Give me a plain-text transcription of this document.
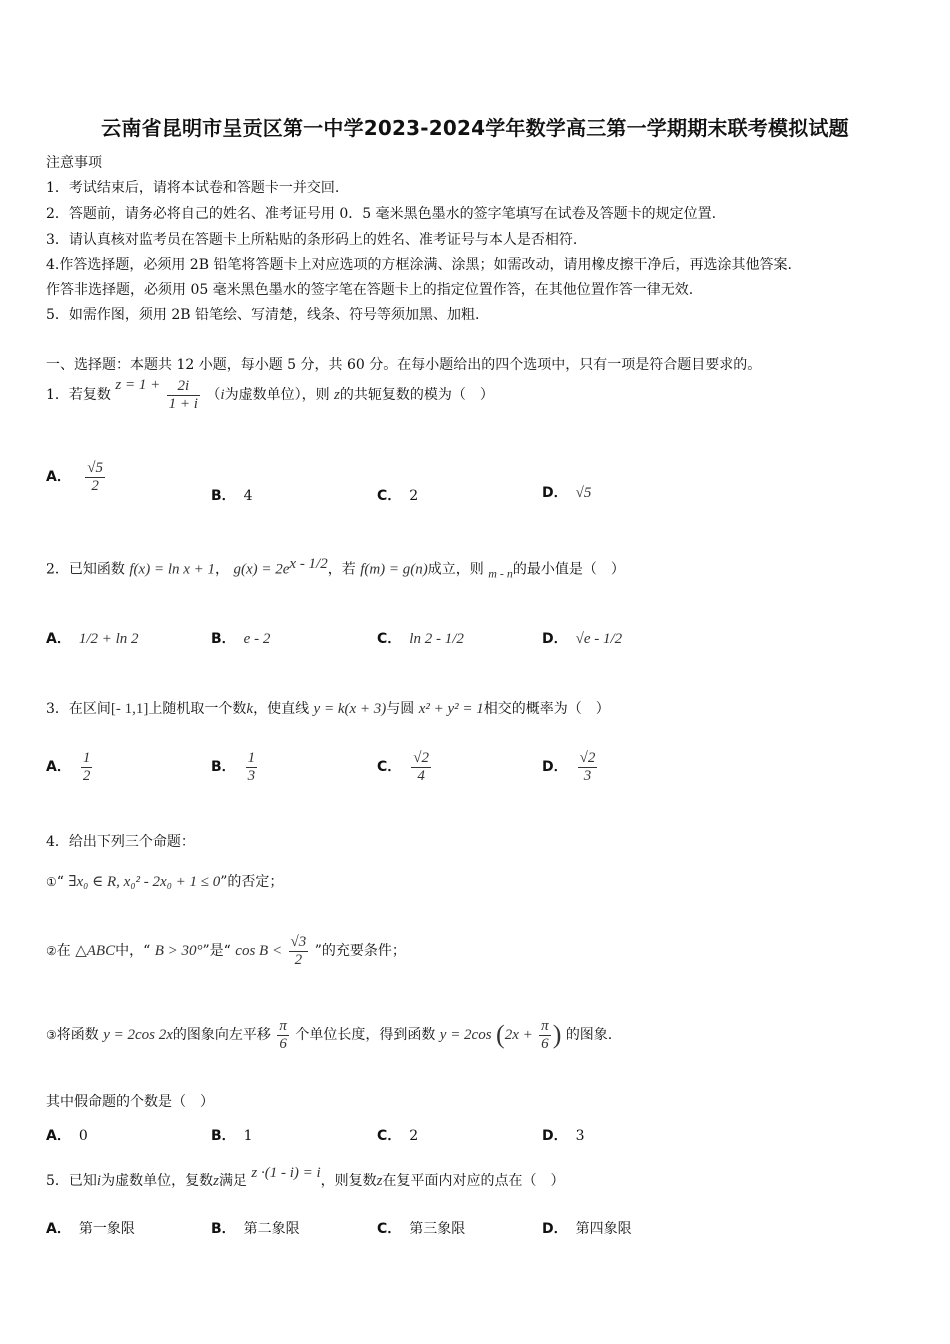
云南省昆明市呈贡区第一中学2023-2024学年数学高三第一学期期末联考模拟试题
注意事项
1．考试结束后，请将本试卷和答题卡一并交回.
2．答题前，请务必将自己的姓名、准考证号用 0．5 毫米黑色墨水的签字笔填写在试卷及答题卡的规定位置.
3．请认真核对监考员在答题卡上所粘贴的条形码上的姓名、准考证号与本人是否相符.
4.作答选择题，必须用 2B 铅笔将答题卡上对应选项的方框涂满、涂黑；如需改动，请用橡皮擦干净后，再选涂其他答案.
作答非选择题，必须用 05 毫米黑色墨水的签字笔在答题卡上的指定位置作答，在其他位置作答一律无效.
5．如需作图，须用 2B 铅笔绘、写清楚，线条、符号等须加黑、加粗.
一、选择题：本题共 12 小题，每小题 5 分，共 60 分。在每小题给出的四个选项中，只有一项是符合题目要求的。
1．若复数 $z = 1 + \frac{2i}{1 + i} (i$为虚数单位），则 z的共轭复数的模为（　）
A． $\frac{√5}{2}$
B． 4	C． 2	D． √5
2．已知函数 f(x) = ln x + 1， $g(x) = 2e^{x - 1/2}$，若 f(m) = g(n)成立，则 $_{m - n}$的最小值是（　）
A． 1/2 + ln 2	B． e - 2	C． ln 2 - 1/2	D． √e - 1/2
3．在区间[- 1,1]上随机取一个数k，使直线 y = k(x + 3)与圆 x² + y² = 1相交的概率为（　）
A． $\frac{1}{2}$	B． $\frac{1}{3}$	C． $\frac{√2}{4}$	D． $\frac{√2}{3}$
4．给出下列三个命题：
①“ ∃x₀ ∈ R, x₀² - 2x₀ + 1 ≤ 0”的否定；
②在 △ABC中，“ B > 30°”是“ $\cos B < \frac{√3}{2}$ ”的充要条件；
③将函数 y = 2cos 2x的图象向左平移 $\frac{\pi}{6}$ 个单位长度，得到函数 y = 2cos ($2x + \frac{\pi}{6}$ ) 的图象.
其中假命题的个数是（　）
A． 0	B． 1	C． 2	D． 3
5．已知i为虚数单位，复数z满足 z ·(1 - i) = i，则复数z在复平面内对应的点在（　）
A． 第一象限	B． 第二象限	C． 第三象限	D． 第四象限
